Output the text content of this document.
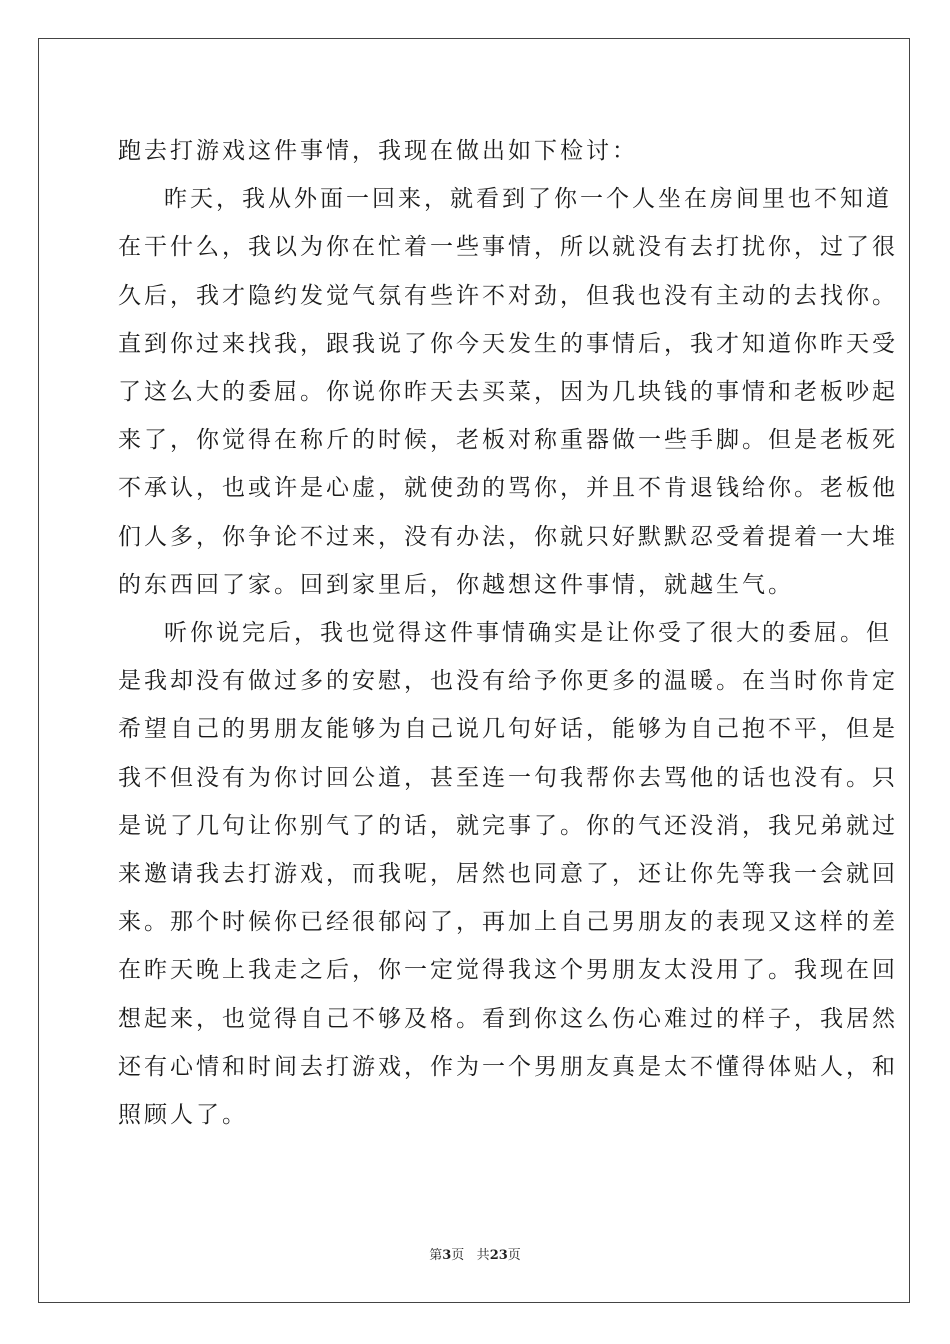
跑去打游戏这件事情，我现在做出如下检讨：
昨天，我从外面一回来，就看到了你一个人坐在房间里也不知道
在干什么，我以为你在忙着一些事情，所以就没有去打扰你，过了很
久后，我才隐约发觉气氛有些许不对劲，但我也没有主动的去找你。
直到你过来找我，跟我说了你今天发生的事情后，我才知道你昨天受
了这么大的委屈。你说你昨天去买菜，因为几块钱的事情和老板吵起
来了，你觉得在称斤的时候，老板对称重器做一些手脚。但是老板死
不承认，也或许是心虚，就使劲的骂你，并且不肯退钱给你。老板他
们人多，你争论不过来，没有办法，你就只好默默忍受着提着一大堆
的东西回了家。回到家里后，你越想这件事情，就越生气。
听你说完后，我也觉得这件事情确实是让你受了很大的委屈。但
是我却没有做过多的安慰，也没有给予你更多的温暖。在当时你肯定
希望自己的男朋友能够为自己说几句好话，能够为自己抱不平，但是
我不但没有为你讨回公道，甚至连一句我帮你去骂他的话也没有。只
是说了几句让你别气了的话，就完事了。你的气还没消，我兄弟就过
来邀请我去打游戏，而我呢，居然也同意了，还让你先等我一会就回
来。那个时候你已经很郁闷了，再加上自己男朋友的表现又这样的差
在昨天晚上我走之后，你一定觉得我这个男朋友太没用了。我现在回
想起来，也觉得自己不够及格。看到你这么伤心难过的样子，我居然
还有心情和时间去打游戏，作为一个男朋友真是太不懂得体贴人，和
照顾人了。
第3页 共23页
